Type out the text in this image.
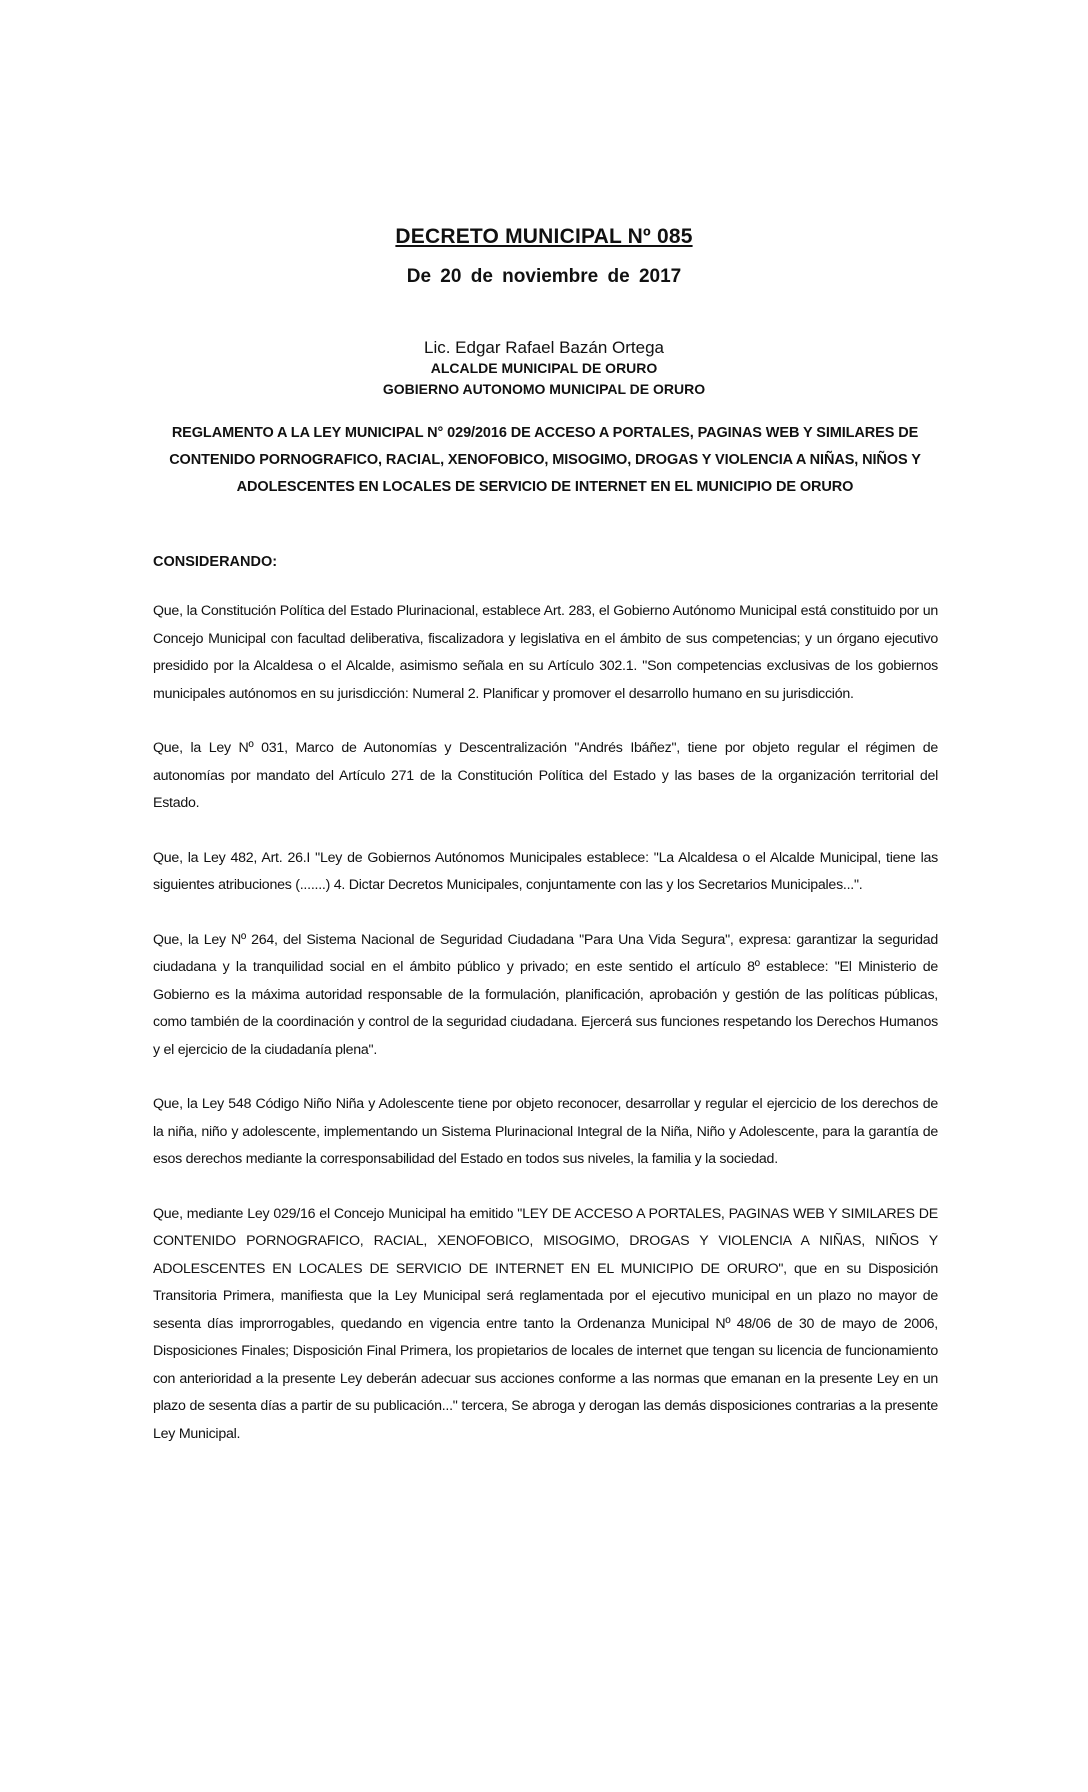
DECRETO MUNICIPAL Nº 085
De 20 de noviembre de 2017
Lic. Edgar Rafael Bazán Ortega
ALCALDE MUNICIPAL DE ORURO
GOBIERNO AUTONOMO MUNICIPAL DE ORURO
REGLAMENTO A LA LEY MUNICIPAL N° 029/2016 DE ACCESO A PORTALES, PAGINAS WEB Y SIMILARES DE CONTENIDO PORNOGRAFICO, RACIAL, XENOFOBICO, MISOGIMO, DROGAS Y VIOLENCIA A NIÑAS, NIÑOS Y ADOLESCENTES EN LOCALES DE SERVICIO DE INTERNET EN EL MUNICIPIO DE ORURO
CONSIDERANDO:

Que, la Constitución Política del Estado Plurinacional, establece Art. 283, el Gobierno Autónomo Municipal está constituido por un Concejo Municipal con facultad deliberativa, fiscalizadora y legislativa en el ámbito de sus competencias; y un órgano ejecutivo presidido por la Alcaldesa o el Alcalde, asimismo señala en su Artículo 302.1. "Son competencias exclusivas de los gobiernos municipales autónomos en su jurisdicción: Numeral 2. Planificar y promover el desarrollo humano en su jurisdicción.

Que, la Ley Nº 031, Marco de Autonomías y Descentralización "Andrés Ibáñez", tiene por objeto regular el régimen de autonomías por mandato del Artículo 271 de la Constitución Política del Estado y las bases de la organización territorial del Estado.

Que, la Ley 482, Art. 26.I "Ley de Gobiernos Autónomos Municipales establece: "La Alcaldesa o el Alcalde Municipal, tiene las siguientes atribuciones (.......) 4. Dictar Decretos Municipales, conjuntamente con las y los Secretarios Municipales...".

Que, la Ley Nº 264, del Sistema Nacional de Seguridad Ciudadana "Para Una Vida Segura", expresa: garantizar la seguridad ciudadana y la tranquilidad social en el ámbito público y privado; en este sentido el artículo 8º establece: "El Ministerio de Gobierno es la máxima autoridad responsable de la formulación, planificación, aprobación y gestión de las políticas públicas, como también de la coordinación y control de la seguridad ciudadana. Ejercerá sus funciones respetando los Derechos Humanos y el ejercicio de la ciudadanía plena".

Que, la Ley 548 Código Niño Niña y Adolescente tiene por objeto reconocer, desarrollar y regular el ejercicio de los derechos de la niña, niño y adolescente, implementando un Sistema Plurinacional Integral de la Niña, Niño y Adolescente, para la garantía de esos derechos mediante la corresponsabilidad del Estado en todos sus niveles, la familia y la sociedad.

Que, mediante Ley 029/16 el Concejo Municipal ha emitido "LEY DE ACCESO A PORTALES, PAGINAS WEB Y SIMILARES DE CONTENIDO PORNOGRAFICO, RACIAL, XENOFOBICO, MISOGIMO, DROGAS Y VIOLENCIA A NIÑAS, NIÑOS Y ADOLESCENTES EN LOCALES DE SERVICIO DE INTERNET EN EL MUNICIPIO DE ORURO", que en su Disposición Transitoria Primera, manifiesta que la Ley Municipal será reglamentada por el ejecutivo municipal en un plazo no mayor de sesenta días improrrogables, quedando en vigencia entre tanto la Ordenanza Municipal Nº 48/06 de 30 de mayo de 2006, Disposiciones Finales; Disposición Final Primera, los propietarios de locales de internet que tengan su licencia de funcionamiento con anterioridad a la presente Ley deberán adecuar sus acciones conforme a las normas que emanan en la presente Ley en un plazo de sesenta días a partir de su publicación..." tercera, Se abroga y derogan las demás disposiciones contrarias a la presente Ley Municipal.
